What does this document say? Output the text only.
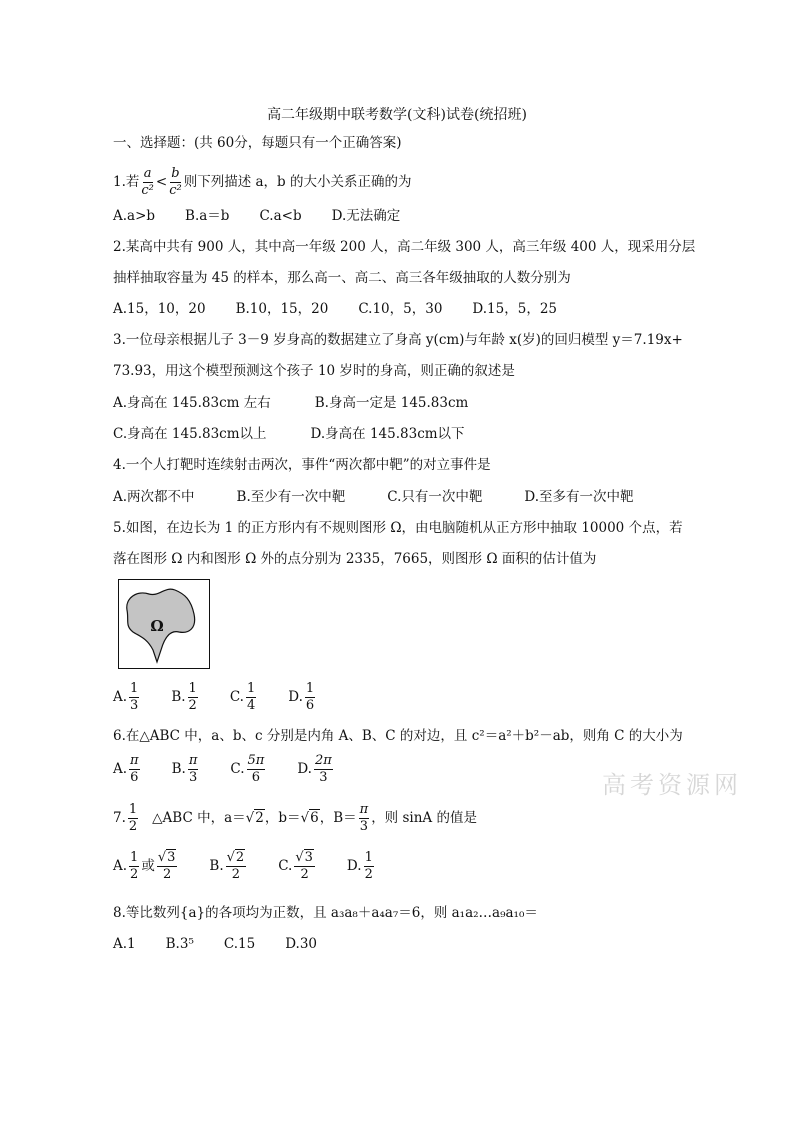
高二年级期中联考数学(文科)试卷(统招班)
一、选择题：(共 60分，每题只有一个正确答案)
1.若 $\frac{a}{\text{c²}} < \frac{b}{\text{c²}}$ 则下列描述 a，b 的大小关系正确的为
A.a>b B.a＝b C.a<b D.无法确定
2.某高中共有 900 人，其中高一年级 200 人，高二年级 300 人，高三年级 400 人，现采用分层
抽样抽取容量为 45 的样本，那么高一、高二、高三各年级抽取的人数分别为
A.15，10，20 B.10，15，20 C.10，5，30 D.15，5，25
3.一位母亲根据儿子 3－9 岁身高的数据建立了身高 y(cm)与年龄 x(岁)的回归模型 y＝7.19x+
73.93，用这个模型预测这个孩子 10 岁时的身高，则正确的叙述是
A.身高在 145.83cm 左右	B.身高一定是 145.83cm
C.身高在 145.83cm以上	D.身高在 145.83cm以下
4.一个人打靶时连续射击两次，事件“两次都中靶”的对立事件是
A.两次都不中	B.至少有一次中靶	C.只有一次中靶	D.至多有一次中靶
5.如图，在边长为 1 的正方形内有不规则图形 Ω，由电脑随机从正方形中抽取 10000 个点，若
落在图形 Ω 内和图形 Ω 外的点分别为 2335，7665，则图形 Ω 面积的估计值为
Ω
A. $\frac{1}{3} B$. $\frac{1}{2} C$. $\frac{1}{4} D$. $\frac{1}{6}$
6.在△ABC 中，a、b、c 分别是内角 A、B、C 的对边，且 c²＝a²＋b²－ab，则角 C 的大小为
A. $\frac{\pi}{6} B$. $\frac{\pi}{3} C$. $\frac{5\pi}{6} D$. $\frac{2\pi}{3}$
7. $\frac{1}{2}$ △ABC 中，a＝√2，b＝√6，$B= \frac{\pi}{3}$ ，则 sinA 的值是
A. $\frac{1}{2}$ 或 $\frac{√3}{2} B$. $\frac{√2}{2} C$. $\frac{√3}{2} D$. $\frac{1}{2}$
8.等比数列{a}的各项均为正数，且 a₃a₈＋a₄a₇＝6，则 a₁a₂…a₉a₁₀＝
A.1 B.3⁵ C.15 D.30
高考资源网
